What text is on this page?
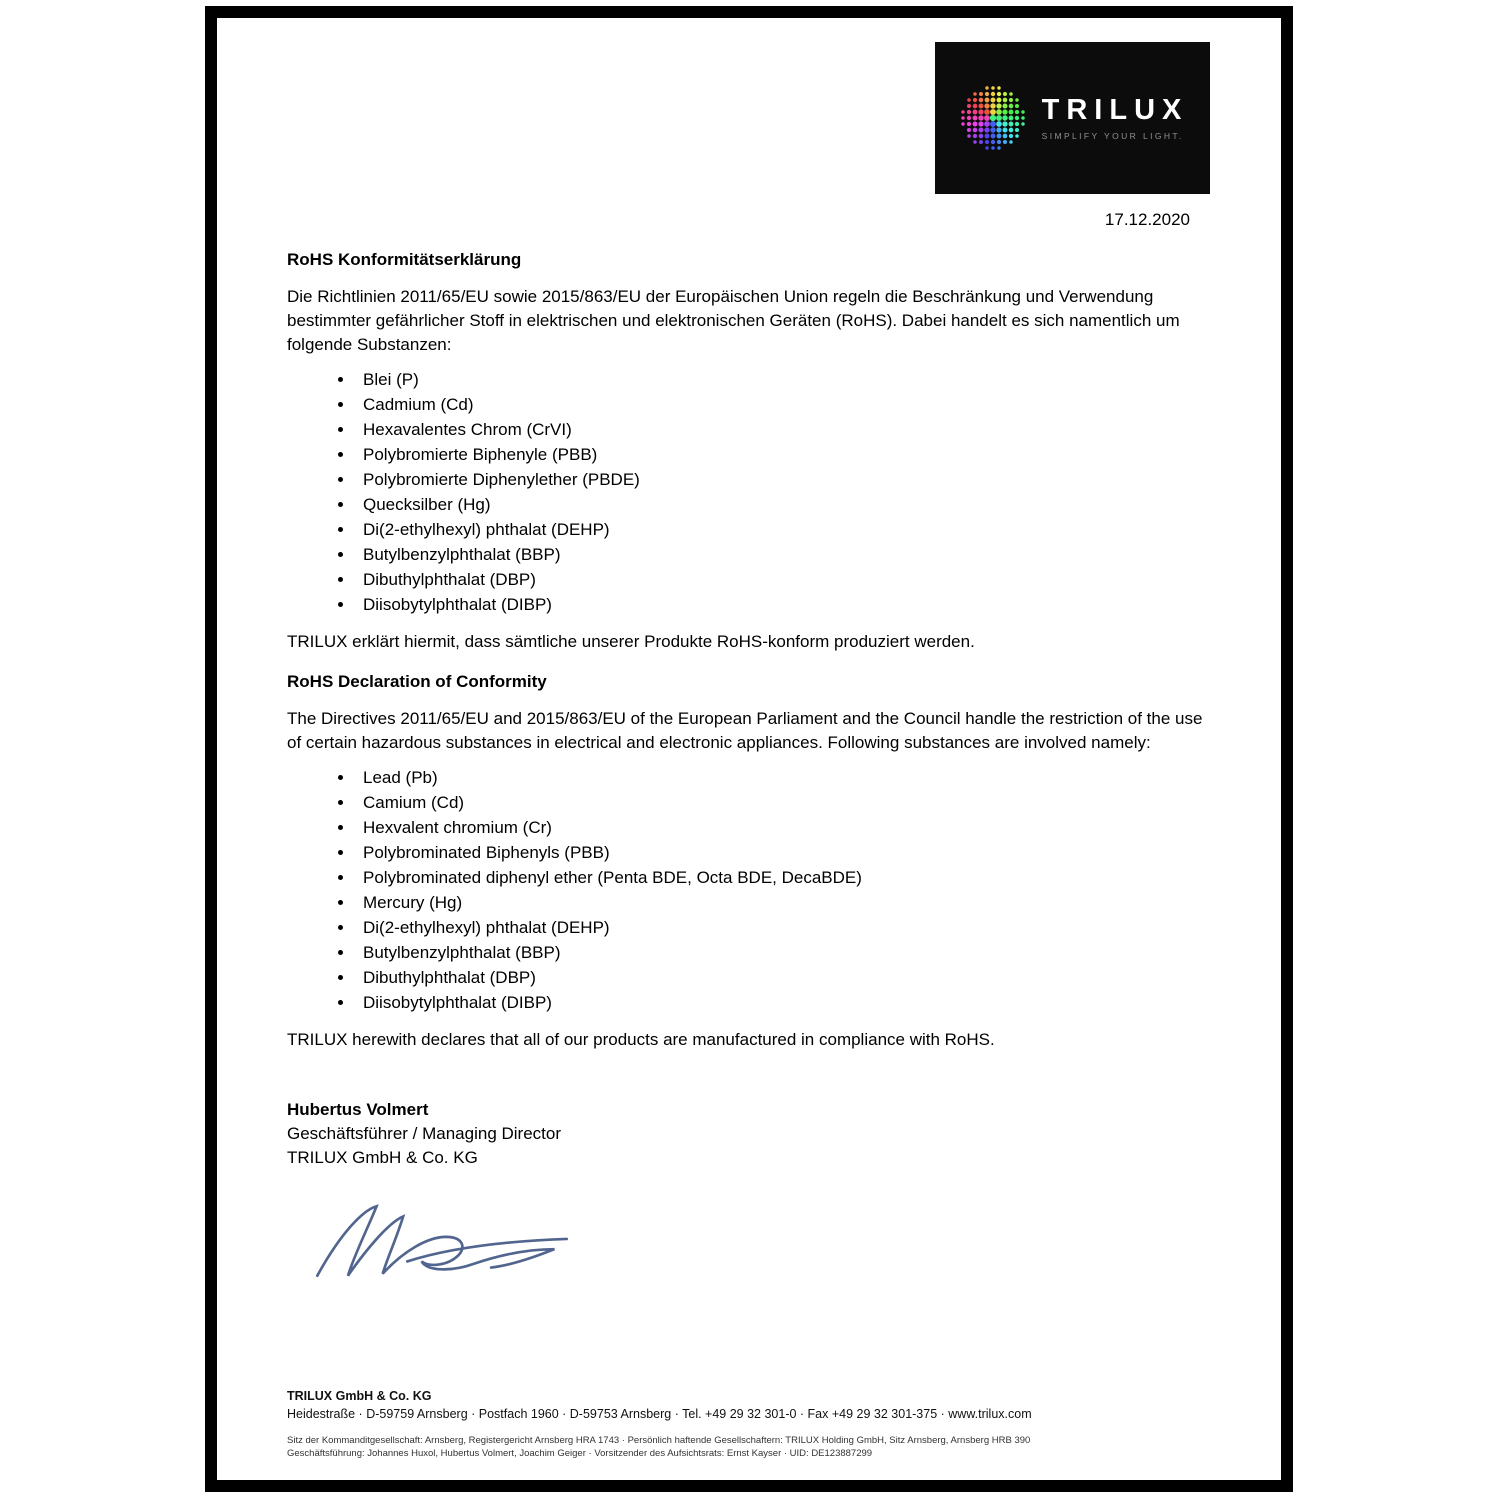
TRILUX
SIMPLIFY YOUR LIGHT.
17.12.2020
RoHS Konformitätserklärung

Die Richtlinien 2011/65/EU sowie 2015/863/EU der Europäischen Union regeln die Beschränkung und Verwendung bestimmter gefährlicher Stoff in elektrischen und elektronischen Geräten (RoHS). Dabei handelt es sich namentlich um folgende Substanzen:

• Blei (P)
• Cadmium (Cd)
• Hexavalentes Chrom (CrVI)
• Polybromierte Biphenyle (PBB)
• Polybromierte Diphenylether (PBDE)
• Quecksilber (Hg)
• Di(2-ethylhexyl) phthalat (DEHP)
• Butylbenzylphthalat (BBP)
• Dibuthylphthalat (DBP)
• Diisobytylphthalat (DIBP)

TRILUX erklärt hiermit, dass sämtliche unserer Produkte RoHS-konform produziert werden.

RoHS Declaration of Conformity

The Directives 2011/65/EU and 2015/863/EU of the European Parliament and the Council handle the restriction of the use of certain hazardous substances in electrical and electronic appliances. Following substances are involved namely:

• Lead (Pb)
• Camium (Cd)
• Hexvalent chromium (Cr)
• Polybrominated Biphenyls (PBB)
• Polybrominated diphenyl ether (Penta BDE, Octa BDE, DecaBDE)
• Mercury (Hg)
• Di(2-ethylhexyl) phthalat (DEHP)
• Butylbenzylphthalat (BBP)
• Dibuthylphthalat (DBP)
• Diisobytylphthalat (DIBP)

TRILUX herewith declares that all of our products are manufactured in compliance with RoHS.

Hubertus Volmert
Geschäftsführer / Managing Director
TRILUX GmbH & Co. KG
TRILUX GmbH & Co. KG
Heidestraße · D-59759 Arnsberg · Postfach 1960 · D-59753 Arnsberg · Tel. +49 29 32 301-0 · Fax +49 29 32 301-375 · www.trilux.com
Sitz der Kommanditgesellschaft: Arnsberg, Registergericht Arnsberg HRA 1743 · Persönlich haftende Gesellschaftern: TRILUX Holding GmbH, Sitz Arnsberg, Arnsberg HRB 390
Geschäftsführung: Johannes Huxol, Hubertus Volmert, Joachim Geiger · Vorsitzender des Aufsichtsrats: Ernst Kayser · UID: DE123887299
